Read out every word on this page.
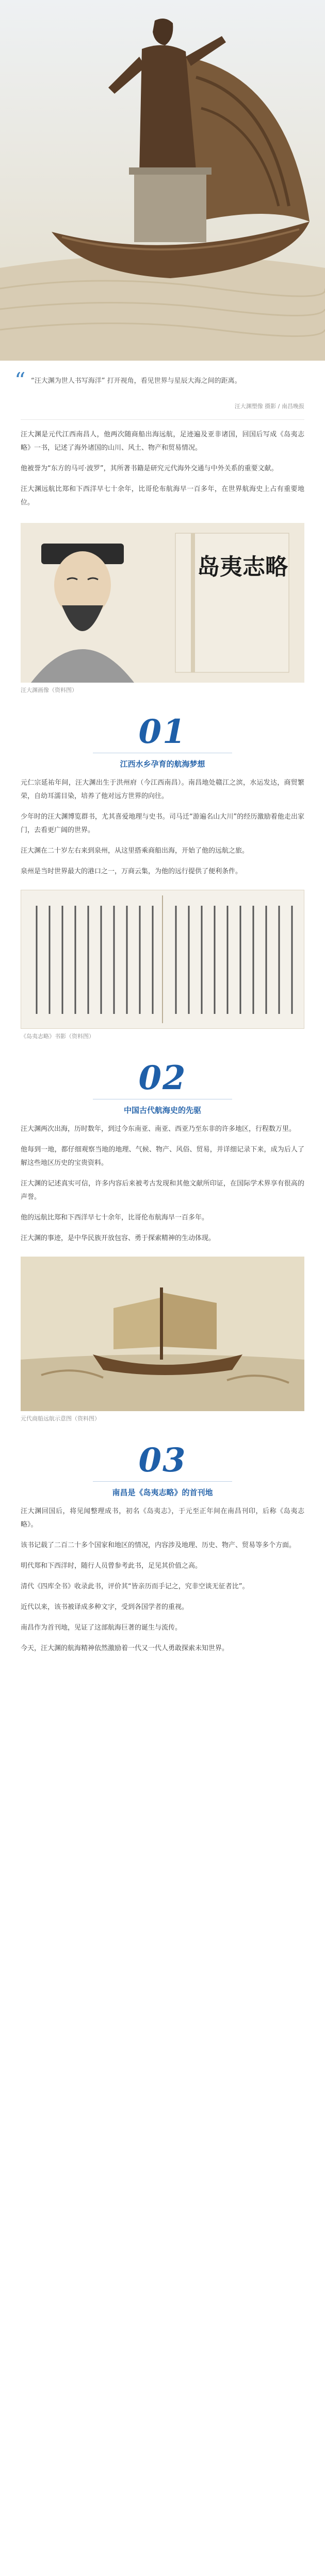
“ “汪大渊为世人书写海洋” 打开视角，看见世界与星辰大海之间的距离。

汪大渊塑像 摄影 / 南昌晚报

汪大渊是元代江西南昌人，他两次随商船出海远航，足迹遍及亚非诸国，回国后写成《岛夷志略》一书，记述了海外诸国的山川、风土、物产和贸易情况。

他被誉为“东方的马可·波罗”，其所著书籍是研究元代海外交通与中外关系的重要文献。

汪大渊远航比郑和下西洋早七十余年，比哥伦布航海早一百多年，在世界航海史上占有重要地位。

岛夷志略

汪大渊画像（资料图）

01
江西水乡孕育的航海梦想

元仁宗延祐年间，汪大渊出生于洪州府（今江西南昌）。南昌地处赣江之滨，水运发达，商贸繁荣，自幼耳濡目染，培养了他对远方世界的向往。

少年时的汪大渊博览群书，尤其喜爱地理与史书。司马迁“游遍名山大川”的经历激励着他走出家门，去看更广阔的世界。

汪大渊在二十岁左右来到泉州，从这里搭乘商船出海，开始了他的远航之旅。

泉州是当时世界最大的港口之一，万商云集，为他的远行提供了便利条件。

《岛夷志略》书影（资料图）

02
中国古代航海史的先驱

汪大渊两次出海，历时数年，到过今东南亚、南亚、西亚乃至东非的许多地区，行程数万里。

他每到一地，都仔细观察当地的地理、气候、物产、风俗、贸易，并详细记录下来，成为后人了解这些地区历史的宝贵资料。

汪大渊的记述真实可信，许多内容后来被考古发现和其他文献所印证，在国际学术界享有很高的声誉。

他的远航比郑和下西洋早七十余年，比哥伦布航海早一百多年。

汪大渊的事迹，是中华民族开放包容、勇于探索精神的生动体现。

元代商船远航示意图（资料图）

03
南昌是《岛夷志略》的首刊地

汪大渊回国后，将见闻整理成书，初名《岛夷志》，于元至正年间在南昌刊印，后称《岛夷志略》。

该书记载了二百二十多个国家和地区的情况，内容涉及地理、历史、物产、贸易等多个方面。

明代郑和下西洋时，随行人员曾参考此书，足见其价值之高。

清代《四库全书》收录此书，评价其“皆亲历而手记之，究非空谈无征者比”。

近代以来，该书被译成多种文字，受到各国学者的重视。

南昌作为首刊地，见证了这部航海巨著的诞生与流传。

今天，汪大渊的航海精神依然激励着一代又一代人勇敢探索未知世界。
